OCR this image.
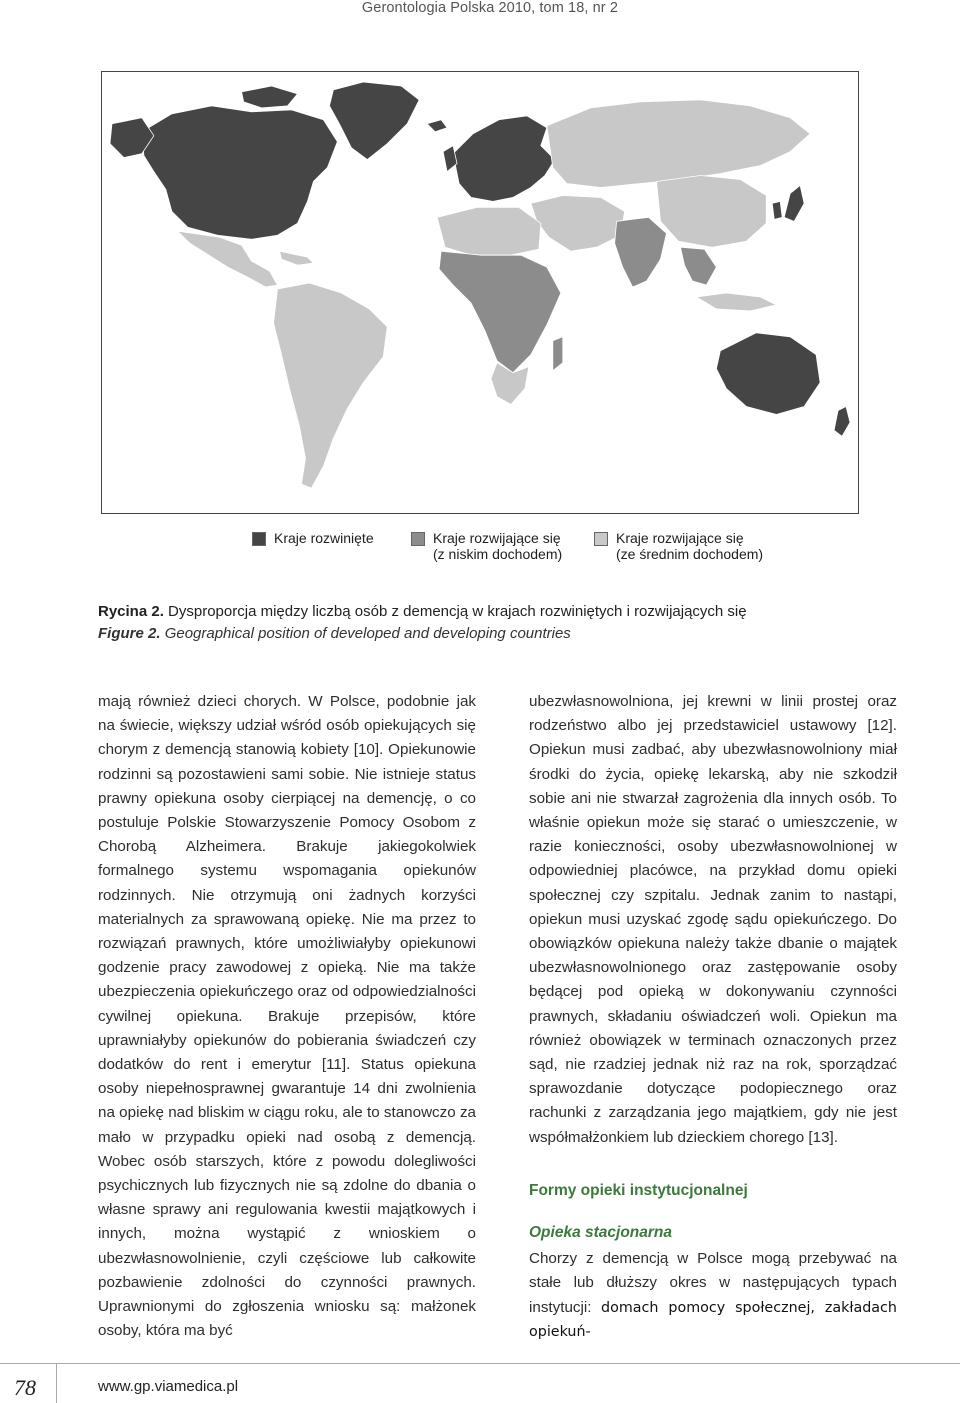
Gerontologia Polska 2010, tom 18, nr 2
Kraje rozwinięte	Kraje rozwijające się
(z niskim dochodem)
Kraje rozwijające się
(ze średnim dochodem)
Rycina 2. Dysproporcja między liczbą osób z demencją w krajach rozwiniętych i rozwijających się
Figure 2. Geographical position of developed and developing countries

mają również dzieci chorych. W Polsce, podobnie jak na świecie, większy udział wśród osób opiekujących się chorym z demencją stanowią kobiety [10]. Opiekunowie rodzinni są pozostawieni sami sobie. Nie istnieje status prawny opiekuna osoby cierpiącej na demencję, o co postuluje Polskie Stowarzyszenie Pomocy Osobom z Chorobą Alzheimera. Brakuje jakiegokolwiek formalnego systemu wspomagania opiekunów rodzinnych. Nie otrzymują oni żadnych korzyści materialnych za sprawowaną opiekę. Nie ma przez to rozwiązań prawnych, które umożliwiałyby opiekunowi godzenie pracy zawodowej z opieką. Nie ma także ubezpieczenia opiekuńczego oraz od odpowiedzialności cywilnej opiekuna. Brakuje przepisów, które uprawniałyby opiekunów do pobierania świadczeń czy dodatków do rent i emerytur [11]. Status opiekuna osoby niepełnosprawnej gwarantuje 14 dni zwolnienia na opiekę nad bliskim w ciągu roku, ale to stanowczo za mało w przypadku opieki nad osobą z demencją. Wobec osób starszych, które z powodu dolegliwości psychicznych lub fizycznych nie są zdolne do dbania o własne sprawy ani regulowania kwestii majątkowych i innych, można wystąpić z wnioskiem o ubezwłasnowolnienie, czyli częściowe lub całkowite pozbawienie zdolności do czynności prawnych. Uprawnionymi do zgłoszenia wniosku są: małżonek osoby, która ma być

ubezwłasnowolniona, jej krewni w linii prostej oraz rodzeństwo albo jej przedstawiciel ustawowy [12]. Opiekun musi zadbać, aby ubezwłasnowolniony miał środki do życia, opiekę lekarską, aby nie szkodził sobie ani nie stwarzał zagrożenia dla innych osób. To właśnie opiekun może się starać o umieszczenie, w razie konieczności, osoby ubezwłasnowolnionej w odpowiedniej placówce, na przykład domu opieki społecznej czy szpitalu. Jednak zanim to nastąpi, opiekun musi uzyskać zgodę sądu opiekuńczego. Do obowiązków opiekuna należy także dbanie o majątek ubezwłasnowolnionego oraz zastępowanie osoby będącej pod opieką w dokonywaniu czynności prawnych, składaniu oświadczeń woli. Opiekun ma również obowiązek w terminach oznaczonych przez sąd, nie rzadziej jednak niż raz na rok, sporządzać sprawozdanie dotyczące podopiecznego oraz rachunki z zarządzania jego majątkiem, gdy nie jest współmałżonkiem lub dzieckiem chorego [13].

Formy opieki instytucjonalnej
Opieka stacjonarna

Chorzy z demencją w Polsce mogą przebywać na stałe lub dłuższy okres w następujących typach instytucji: domach pomocy społecznej, zakładach opiekuń-

78	www.gp.viamedica.pl
